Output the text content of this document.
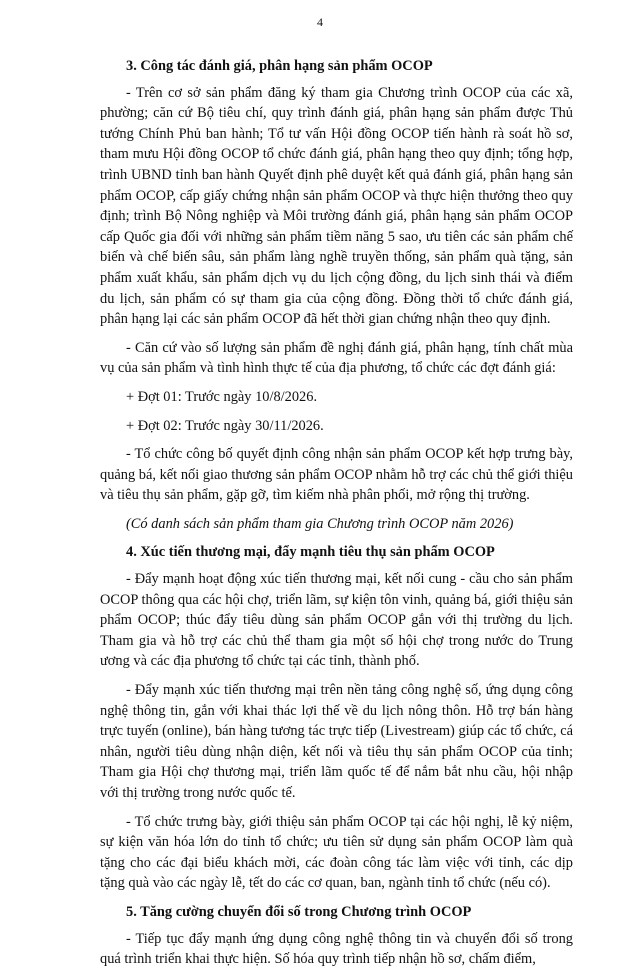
4

3. Công tác đánh giá, phân hạng sản phẩm OCOP

- Trên cơ sở sản phẩm đăng ký tham gia Chương trình OCOP của các xã, phường; căn cứ Bộ tiêu chí, quy trình đánh giá, phân hạng sản phẩm được Thủ tướng Chính Phủ ban hành; Tổ tư vấn Hội đồng OCOP tiến hành rà soát hồ sơ, tham mưu Hội đồng OCOP tổ chức đánh giá, phân hạng theo quy định; tổng hợp, trình UBND tỉnh ban hành Quyết định phê duyệt kết quả đánh giá, phân hạng sản phẩm OCOP, cấp giấy chứng nhận sản phẩm OCOP và thực hiện thưởng theo quy định; trình Bộ Nông nghiệp và Môi trường đánh giá, phân hạng sản phẩm OCOP cấp Quốc gia đối với những sản phẩm tiềm năng 5 sao, ưu tiên các sản phẩm chế biến và chế biến sâu, sản phẩm làng nghề truyền thống, sản phẩm quà tặng, sản phẩm xuất khẩu, sản phẩm dịch vụ du lịch cộng đồng, du lịch sinh thái và điểm du lịch, sản phẩm có sự tham gia của cộng đồng. Đồng thời tổ chức đánh giá, phân hạng lại các sản phẩm OCOP đã hết thời gian chứng nhận theo quy định.

- Căn cứ vào số lượng sản phẩm đề nghị đánh giá, phân hạng, tính chất mùa vụ của sản phẩm và tình hình thực tế của địa phương, tổ chức các đợt đánh giá:

+ Đợt 01: Trước ngày 10/8/2026.

+ Đợt 02: Trước ngày 30/11/2026.

- Tổ chức công bố quyết định công nhận sản phẩm OCOP kết hợp trưng bày, quảng bá, kết nối giao thương sản phẩm OCOP nhằm hỗ trợ các chủ thể giới thiệu và tiêu thụ sản phẩm, gặp gỡ, tìm kiếm nhà phân phối, mở rộng thị trường.

(Có danh sách sản phẩm tham gia Chương trình OCOP năm 2026)

4. Xúc tiến thương mại, đẩy mạnh tiêu thụ sản phẩm OCOP

- Đẩy mạnh hoạt động xúc tiến thương mại, kết nối cung - cầu cho sản phẩm OCOP thông qua các hội chợ, triển lãm, sự kiện tôn vinh, quảng bá, giới thiệu sản phẩm OCOP; thúc đẩy tiêu dùng sản phẩm OCOP gắn với thị trường du lịch. Tham gia và hỗ trợ các chủ thể tham gia một số hội chợ trong nước do Trung ương và các địa phương tổ chức tại các tỉnh, thành phố.

- Đẩy mạnh xúc tiến thương mại trên nền tảng công nghệ số, ứng dụng công nghệ thông tin, gắn với khai thác lợi thế về du lịch nông thôn. Hỗ trợ bán hàng trực tuyến (online), bán hàng tương tác trực tiếp (Livestream) giúp các tổ chức, cá nhân, người tiêu dùng nhận diện, kết nối và tiêu thụ sản phẩm OCOP của tỉnh; Tham gia Hội chợ thương mại, triển lãm quốc tế để nắm bắt nhu cầu, hội nhập với thị trường trong nước quốc tế.

- Tổ chức trưng bày, giới thiệu sản phẩm OCOP tại các hội nghị, lễ kỷ niệm, sự kiện văn hóa lớn do tỉnh tổ chức; ưu tiên sử dụng sản phẩm OCOP làm quà tặng cho các đại biểu khách mời, các đoàn công tác làm việc với tỉnh, các dịp tặng quà vào các ngày lễ, tết do các cơ quan, ban, ngành tỉnh tổ chức (nếu có).

5. Tăng cường chuyển đổi số trong Chương trình OCOP

- Tiếp tục đẩy mạnh ứng dụng công nghệ thông tin và chuyển đổi số trong quá trình triển khai thực hiện. Số hóa quy trình tiếp nhận hồ sơ, chấm điểm,
